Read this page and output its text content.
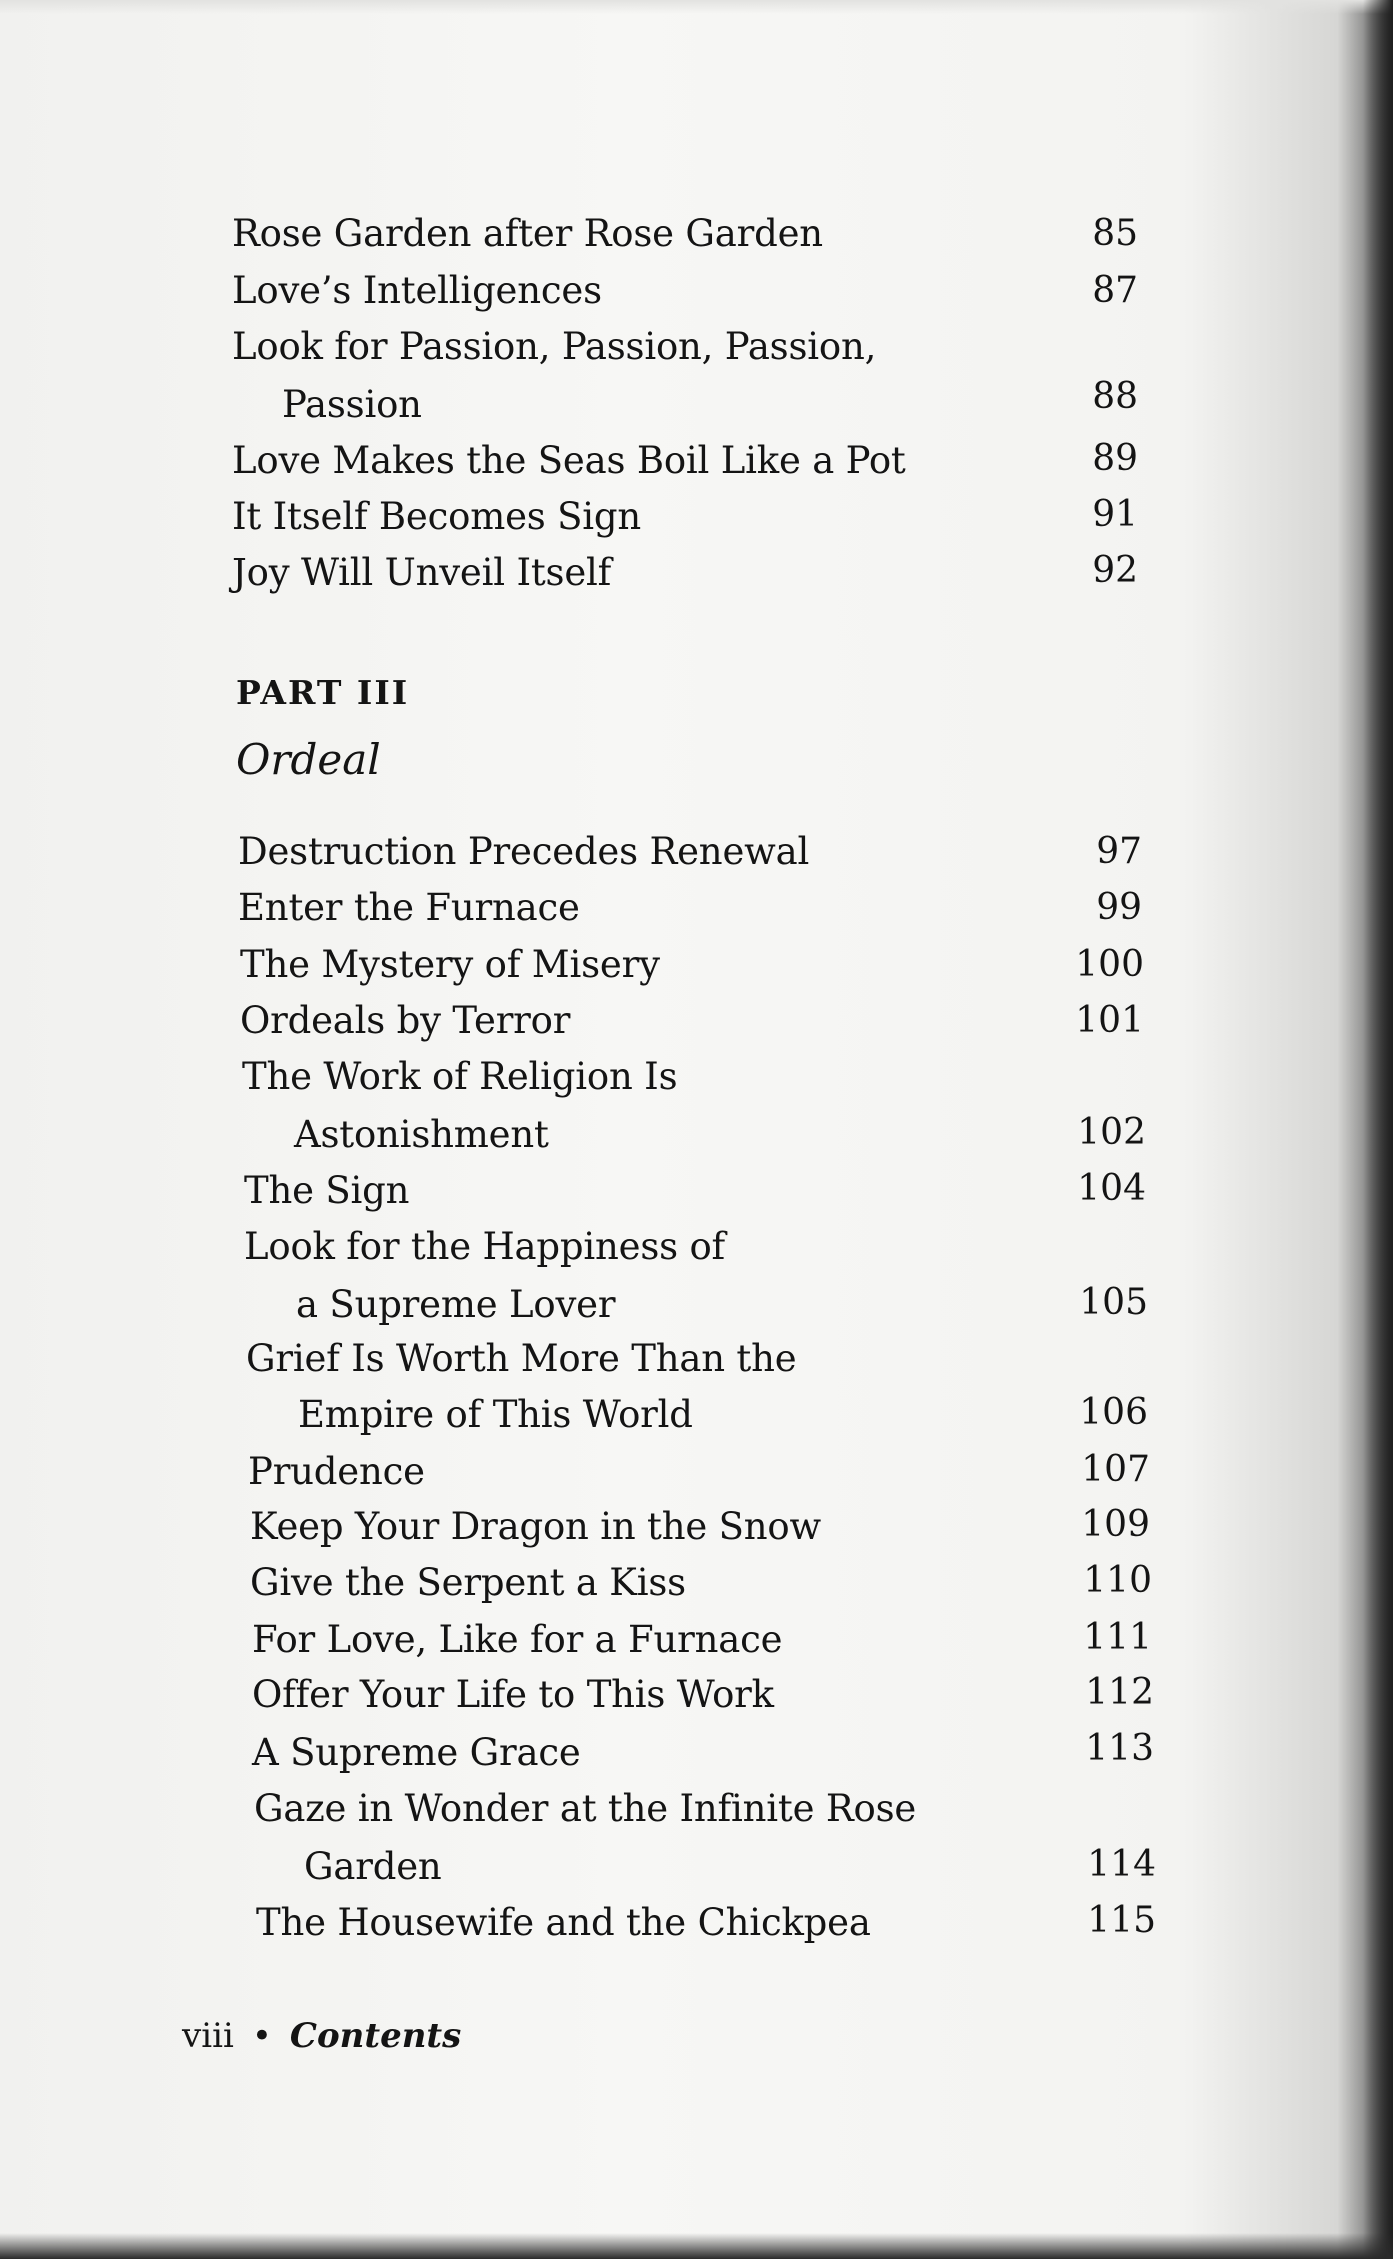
Rose Garden after Rose Garden	85
Love’s Intelligences	87
Look for Passion, Passion, Passion,
Passion	88
Love Makes the Seas Boil Like a Pot	89
It Itself Becomes Sign	91
Joy Will Unveil Itself	92
PART III
Ordeal
Destruction Precedes Renewal	97
Enter the Furnace	99
The Mystery of Misery	100
Ordeals by Terror	101
The Work of Religion Is
Astonishment	102
The Sign	104
Look for the Happiness of
a Supreme Lover	105
Grief Is Worth More Than the
Empire of This World	106
Prudence	107
Keep Your Dragon in the Snow	109
Give the Serpent a Kiss	110
For Love, Like for a Furnace	111
Offer Your Life to This Work	112
A Supreme Grace	113
Gaze in Wonder at the Infinite Rose
Garden	114
The Housewife and the Chickpea	115
viii • Contents
